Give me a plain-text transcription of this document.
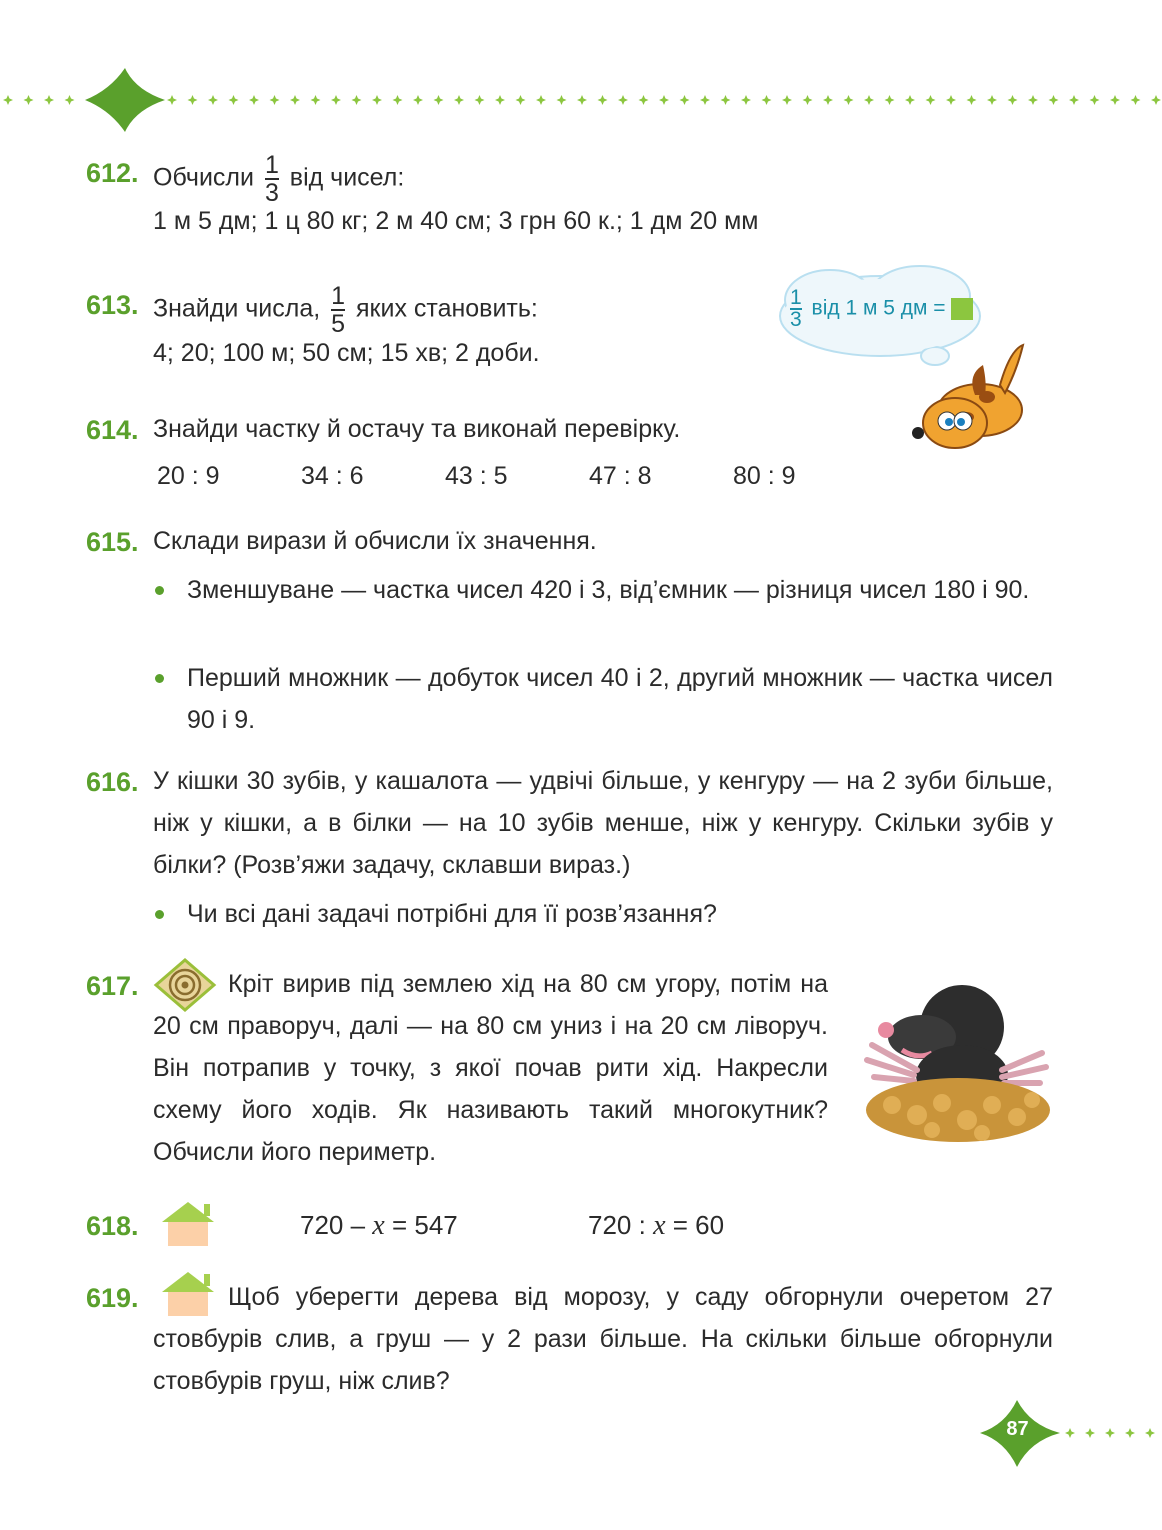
612. Обчисли $\frac{1}{3}$ від чисел:
1 м 5 дм; 1 ц 80 кг; 2 м 40 см; 3 грн 60 к.; 1 дм 20 мм
613. Знайди числа, $\frac{1}{5}$ яких становить:
4; 20; 100 м; 50 см; 15 хв; 2 доби.
$\frac{1}{3}$ від 1 м 5 дм =
614. Знайди частку й остачу та виконай перевірку.
20 : 9	34 : 6	43 : 5	47 : 8	80 : 9
615. Склади вирази й обчисли їх значення.
Зменшуване — частка чисел 420 і 3, від’ємник — різниця чисел 180 і 90.
Перший множник — добуток чисел 40 і 2, другий множник — частка чисел 90 і 9.
616. У кішки 30 зубів, у кашалота — удвічі більше, у кенгуру — на 2 зуби більше, ніж у кішки, а в білки — на 10 зубів менше, ніж у кенгуру. Скільки зубів у білки? (Розв’яжи задачу, склавши вираз.)
Чи всі дані задачі потрібні для її розв’язання?
617.	Кріт вирив під землею хід на 80 см угору, потім на 20 см праворуч, далі — на 80 см униз і на 20 см ліворуч. Він потрапив у точку, з якої почав рити хід. Накресли схему його ходів. Як називають такий многокутник? Обчисли його периметр.
618.	720 – x = 547	720 : x = 60
619.	Щоб уберегти дерева від морозу, у саду обгорнули очеретом 27 стовбурів слив, а груш — у 2 рази більше. На скільки більше обгорнули стовбурів груш, ніж слив?
87
